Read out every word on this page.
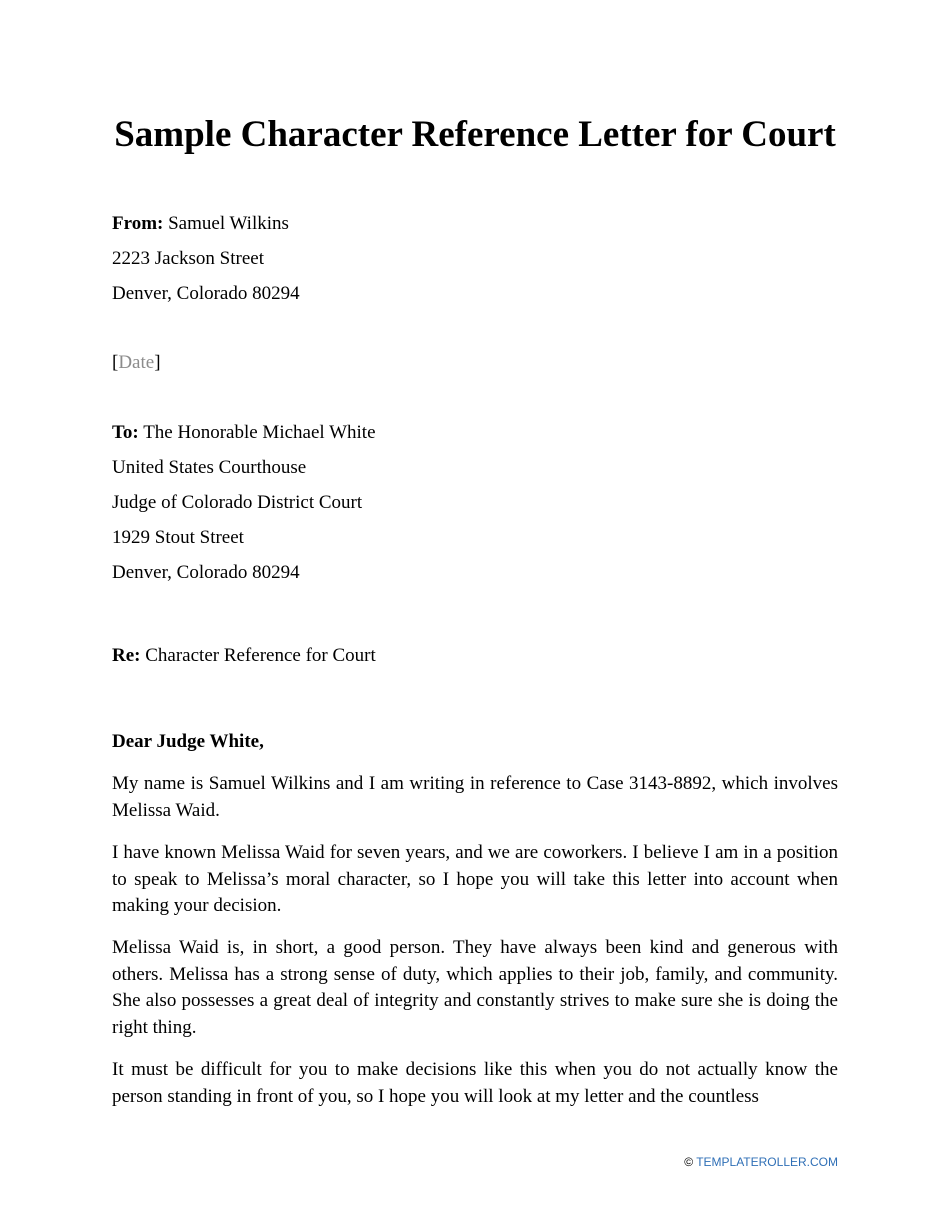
Sample Character Reference Letter for Court
From: Samuel Wilkins
2223 Jackson Street
Denver, Colorado 80294
[Date]
To: The Honorable Michael White
United States Courthouse
Judge of Colorado District Court
1929 Stout Street
Denver, Colorado 80294
Re: Character Reference for Court
Dear Judge White,

My name is Samuel Wilkins and I am writing in reference to Case 3143-8892, which involves Melissa Waid.

I have known Melissa Waid for seven years, and we are coworkers. I believe I am in a position to speak to Melissa’s moral character, so I hope you will take this letter into account when making your decision.

Melissa Waid is, in short, a good person. They have always been kind and generous with others. Melissa has a strong sense of duty, which applies to their job, family, and community. She also possesses a great deal of integrity and constantly strives to make sure she is doing the right thing.

It must be difficult for you to make decisions like this when you do not actually know the person standing in front of you, so I hope you will look at my letter and the countless

© TEMPLATEROLLER.COM
